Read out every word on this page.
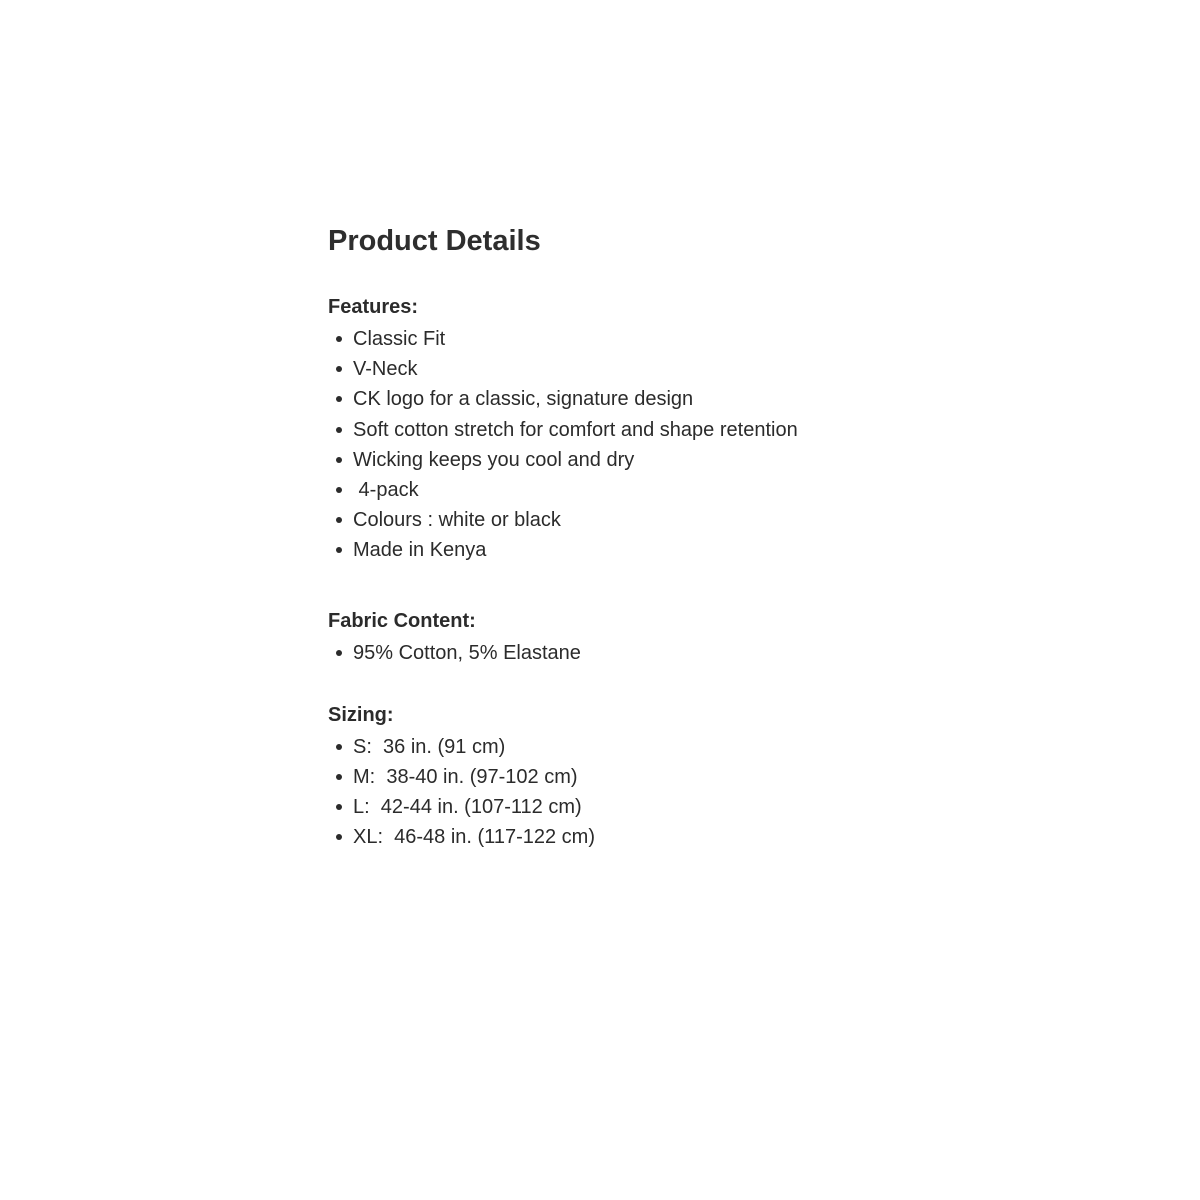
Product Details
Features:
Classic Fit
V-Neck
CK logo for a classic, signature design
Soft cotton stretch for comfort and shape retention
Wicking keeps you cool and dry
4-pack
Colours : white or black
Made in Kenya
Fabric Content:
95% Cotton, 5% Elastane
Sizing:
S:  36 in. (91 cm)
M:  38-40 in. (97-102 cm)
L:  42-44 in. (107-112 cm)
XL:  46-48 in. (117-122 cm)
